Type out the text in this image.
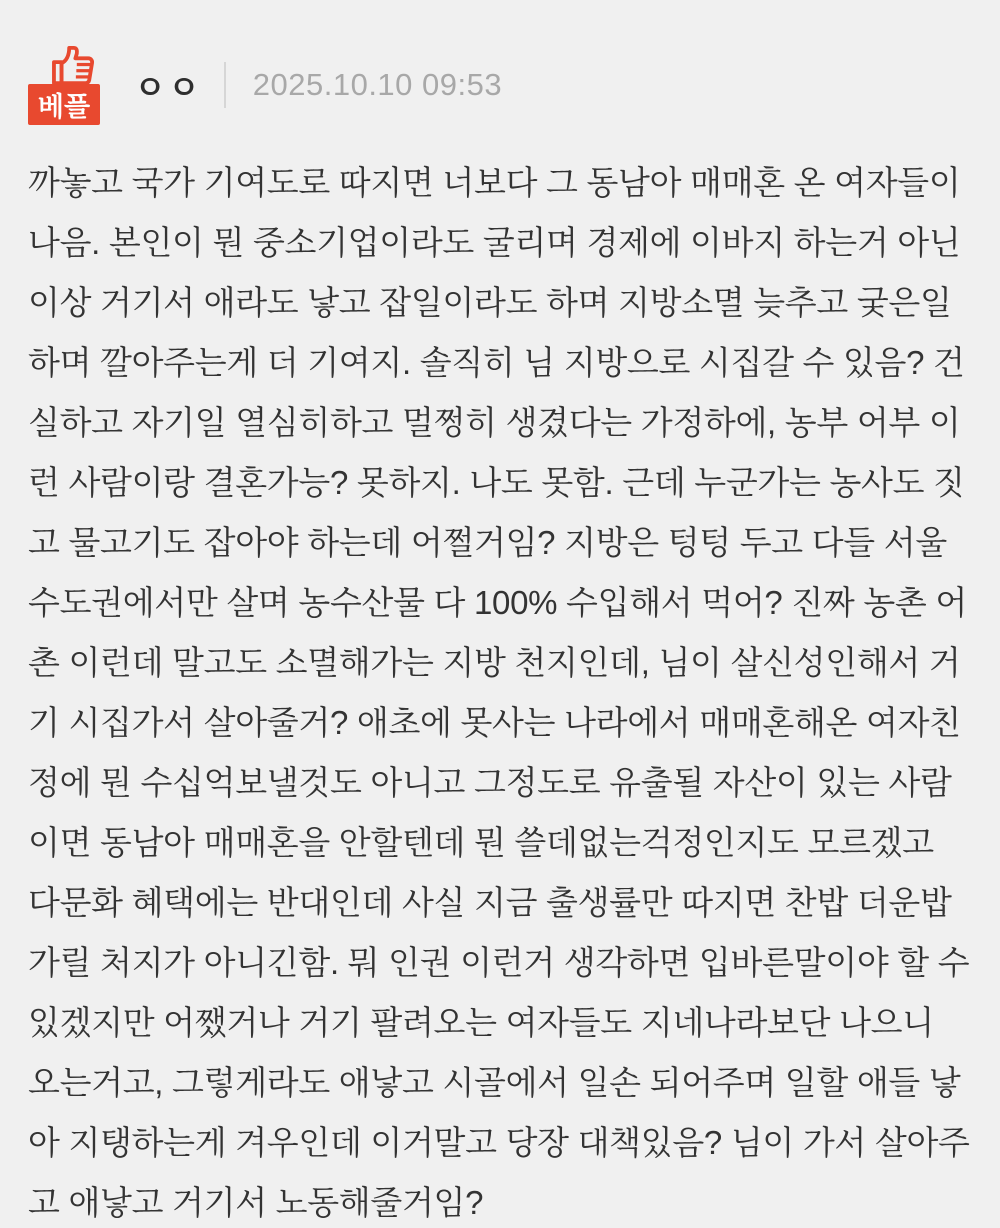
베플
ㅇㅇ 2025.10.10 09:53

까놓고 국가 기여도로 따지면 너보다 그 동남아 매매혼 온 여자들이 나음. 본인이 뭔 중소기업이라도 굴리며 경제에 이바지 하는거 아닌 이상 거기서 애라도 낳고 잡일이라도 하며 지방소멸 늦추고 궂은일 하며 깔아주는게 더 기여지. 솔직히 님 지방으로 시집갈 수 있음? 건실하고 자기일 열심히하고 멀쩡히 생겼다는 가정하에, 농부 어부 이런 사람이랑 결혼가능? 못하지. 나도 못함. 근데 누군가는 농사도 짓고 물고기도 잡아야 하는데 어쩔거임? 지방은 텅텅 두고 다들 서울 수도권에서만 살며 농수산물 다 100% 수입해서 먹어? 진짜 농촌 어촌 이런데 말고도 소멸해가는 지방 천지인데, 님이 살신성인해서 거기 시집가서 살아줄거? 애초에 못사는 나라에서 매매혼해온 여자친정에 뭔 수십억보낼것도 아니고 그정도로 유출될 자산이 있는 사람이면 동남아 매매혼을 안할텐데 뭔 쓸데없는걱정인지도 모르겠고 다문화 혜택에는 반대인데 사실 지금 출생률만 따지면 찬밥 더운밥 가릴 처지가 아니긴함. 뭐 인권 이런거 생각하면 입바른말이야 할 수 있겠지만 어쨌거나 거기 팔려오는 여자들도 지네나라보단 나으니 오는거고, 그렇게라도 애낳고 시골에서 일손 되어주며 일할 애들 낳아 지탱하는게 겨우인데 이거말고 당장 대책있음? 님이 가서 살아주고 애낳고 거기서 노동해줄거임?
